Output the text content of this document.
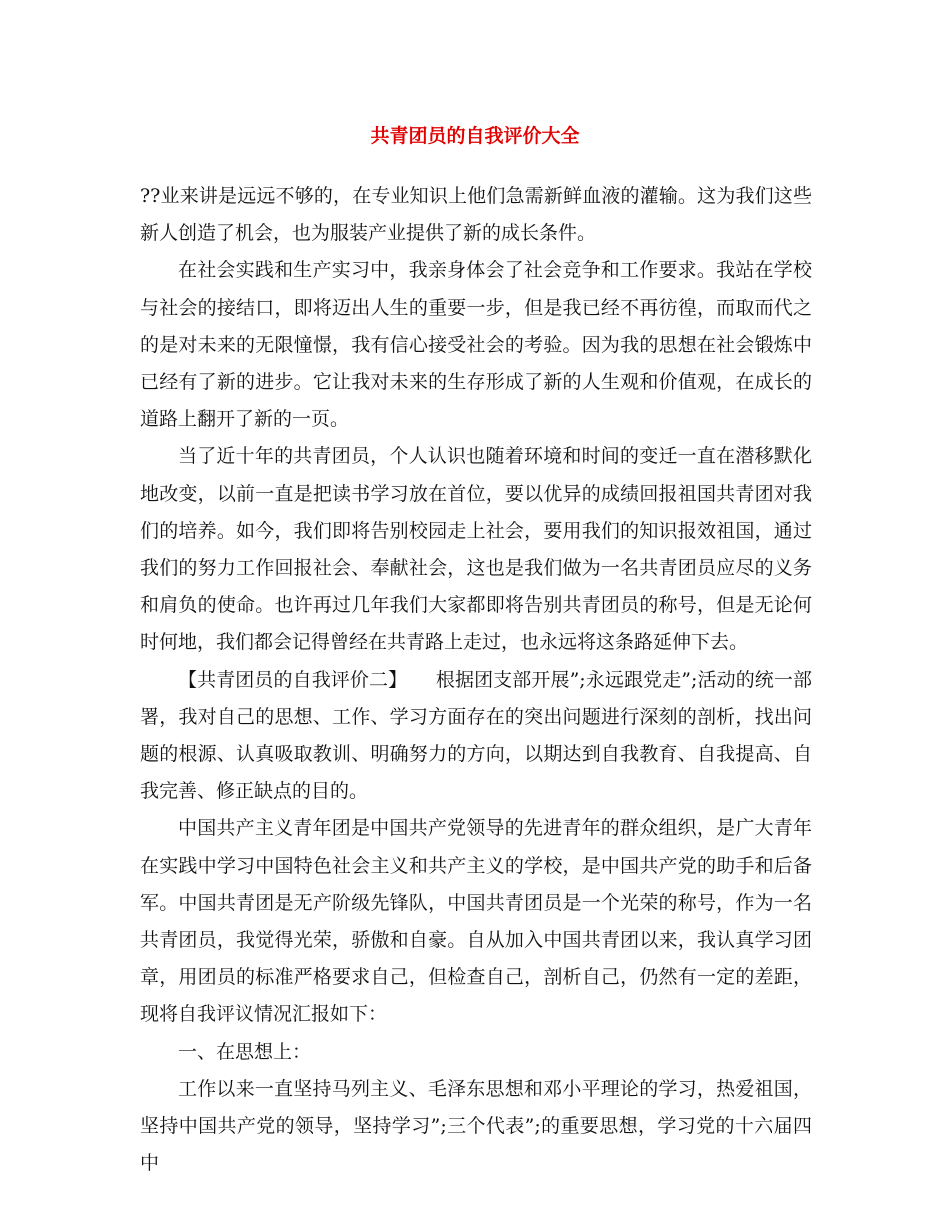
共青团员的自我评价大全

??业来讲是远远不够的，在专业知识上他们急需新鲜血液的灌输。这为我们这些新人创造了机会，也为服装产业提供了新的成长条件。

在社会实践和生产实习中，我亲身体会了社会竞争和工作要求。我站在学校与社会的接结口，即将迈出人生的重要一步，但是我已经不再彷徨，而取而代之的是对未来的无限憧憬，我有信心接受社会的考验。因为我的思想在社会锻炼中已经有了新的进步。它让我对未来的生存形成了新的人生观和价值观，在成长的道路上翻开了新的一页。

当了近十年的共青团员，个人认识也随着环境和时间的变迁一直在潜移默化地改变，以前一直是把读书学习放在首位，要以优异的成绩回报祖国共青团对我们的培养。如今，我们即将告别校园走上社会，要用我们的知识报效祖国，通过我们的努力工作回报社会、奉献社会，这也是我们做为一名共青团员应尽的义务和肩负的使命。也许再过几年我们大家都即将告别共青团员的称号，但是无论何时何地，我们都会记得曾经在共青路上走过，也永远将这条路延伸下去。

【共青团员的自我评价二】　　根据团支部开展”;永远跟党走”;活动的统一部署，我对自己的思想、工作、学习方面存在的突出问题进行深刻的剖析，找出问题的根源、认真吸取教训、明确努力的方向，以期达到自我教育、自我提高、自我完善、修正缺点的目的。

中国共产主义青年团是中国共产党领导的先进青年的群众组织，是广大青年在实践中学习中国特色社会主义和共产主义的学校，是中国共产党的助手和后备军。中国共青团是无产阶级先锋队，中国共青团员是一个光荣的称号，作为一名共青团员，我觉得光荣，骄傲和自豪。自从加入中国共青团以来，我认真学习团章，用团员的标准严格要求自己，但检查自己，剖析自己，仍然有一定的差距，现将自我评议情况汇报如下：

一、在思想上：

工作以来一直坚持马列主义、毛泽东思想和邓小平理论的学习，热爱祖国，坚持中国共产党的领导，坚持学习”;三个代表”;的重要思想，学习党的十六届四中
